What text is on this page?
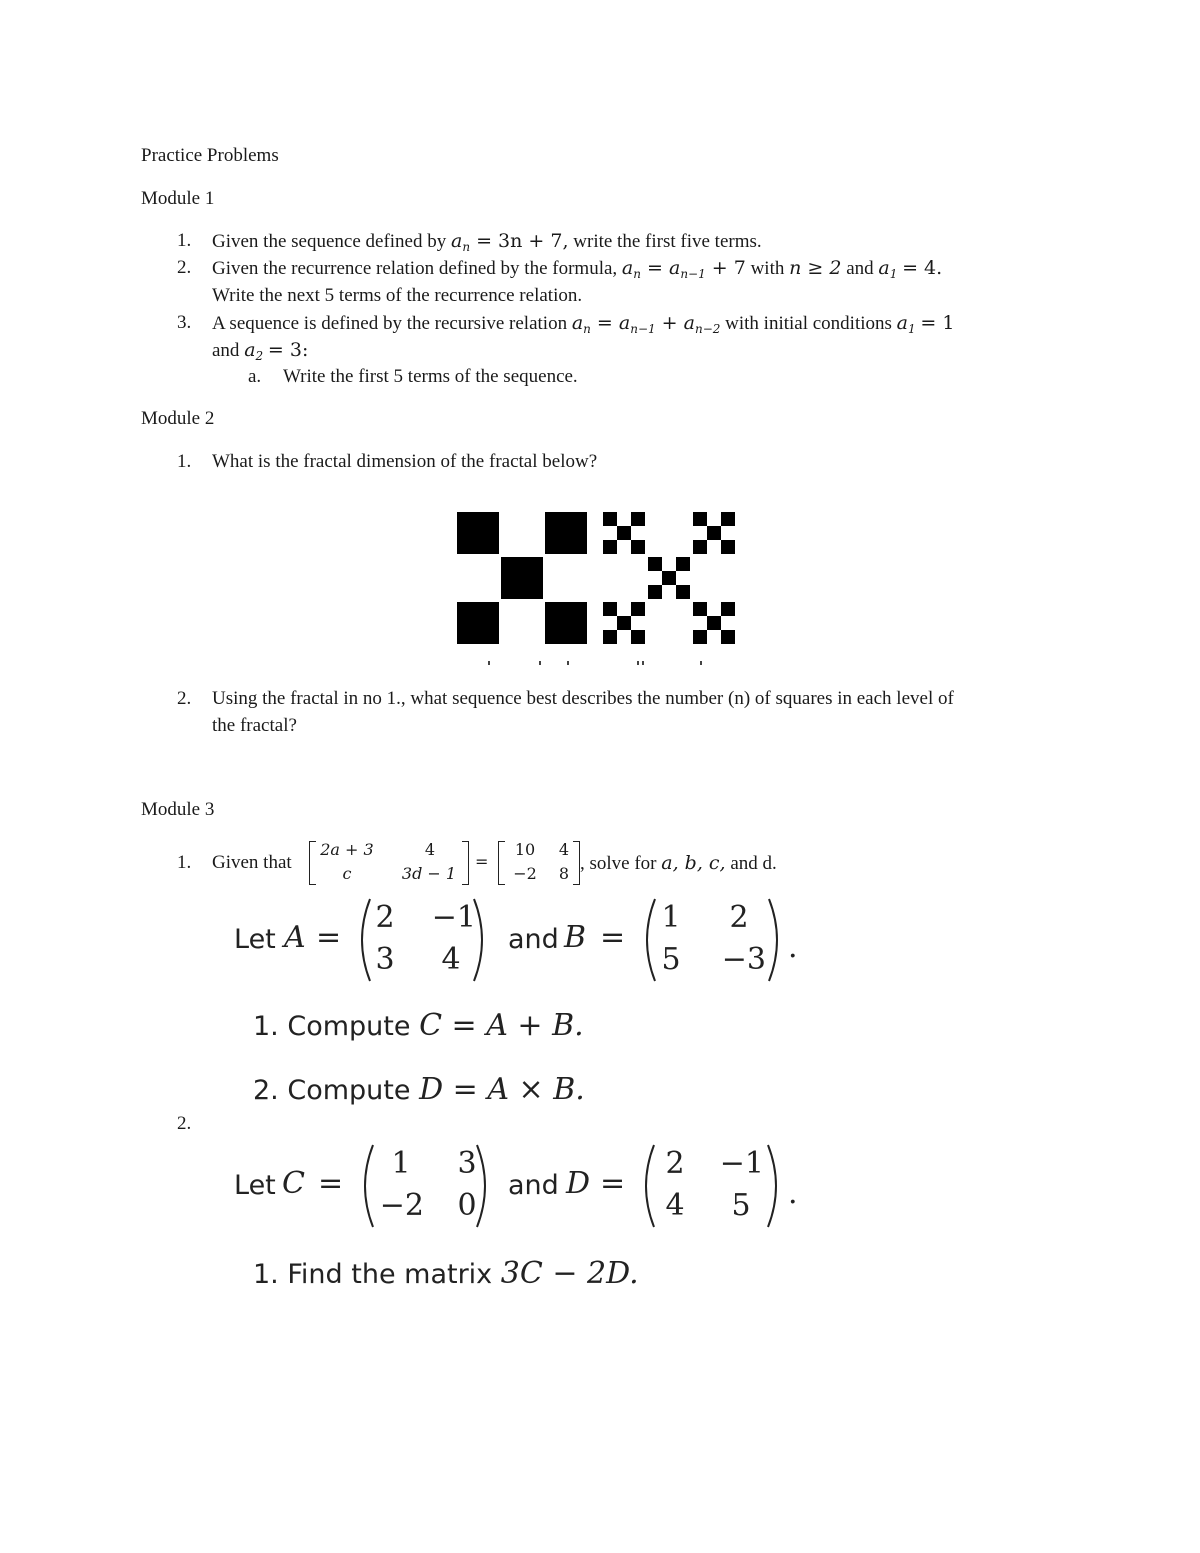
Practice Problems
Module 1
1. Given the sequence defined by $a_n = 3n + 7$, write the first five terms.
2. Given the recurrence relation defined by the formula, $a_n = a_{n-1} + 7$ with n ≥ 2 and $a_1 = 4$.
Write the next 5 terms of the recurrence relation.
3. A sequence is defined by the recursive relation $a_n = a_{n-1} + a_{n-2}$ with initial conditions $a_1 = 1$
and $a_2 = 3$:
a. Write the first 5 terms of the sequence.
Module 2
1. What is the fractal dimension of the fractal below?
2. Using the fractal in no 1., what sequence best describes the number (n) of squares in each level of
the fractal?
Module 3
1. Given that
2a + 3	4
c	3d − 1
=
10	4
−2	8 , solve for a, b, c, and d.
2.
Let A =
2	−1
3 4
and B =
1 2
5	−3 .
1. Compute C = A + B.
2. Compute D = A × B.
Let C =
1 3
−2 0
and D =
2	−1
4 5 .
1. Find the matrix 3C − 2D.
